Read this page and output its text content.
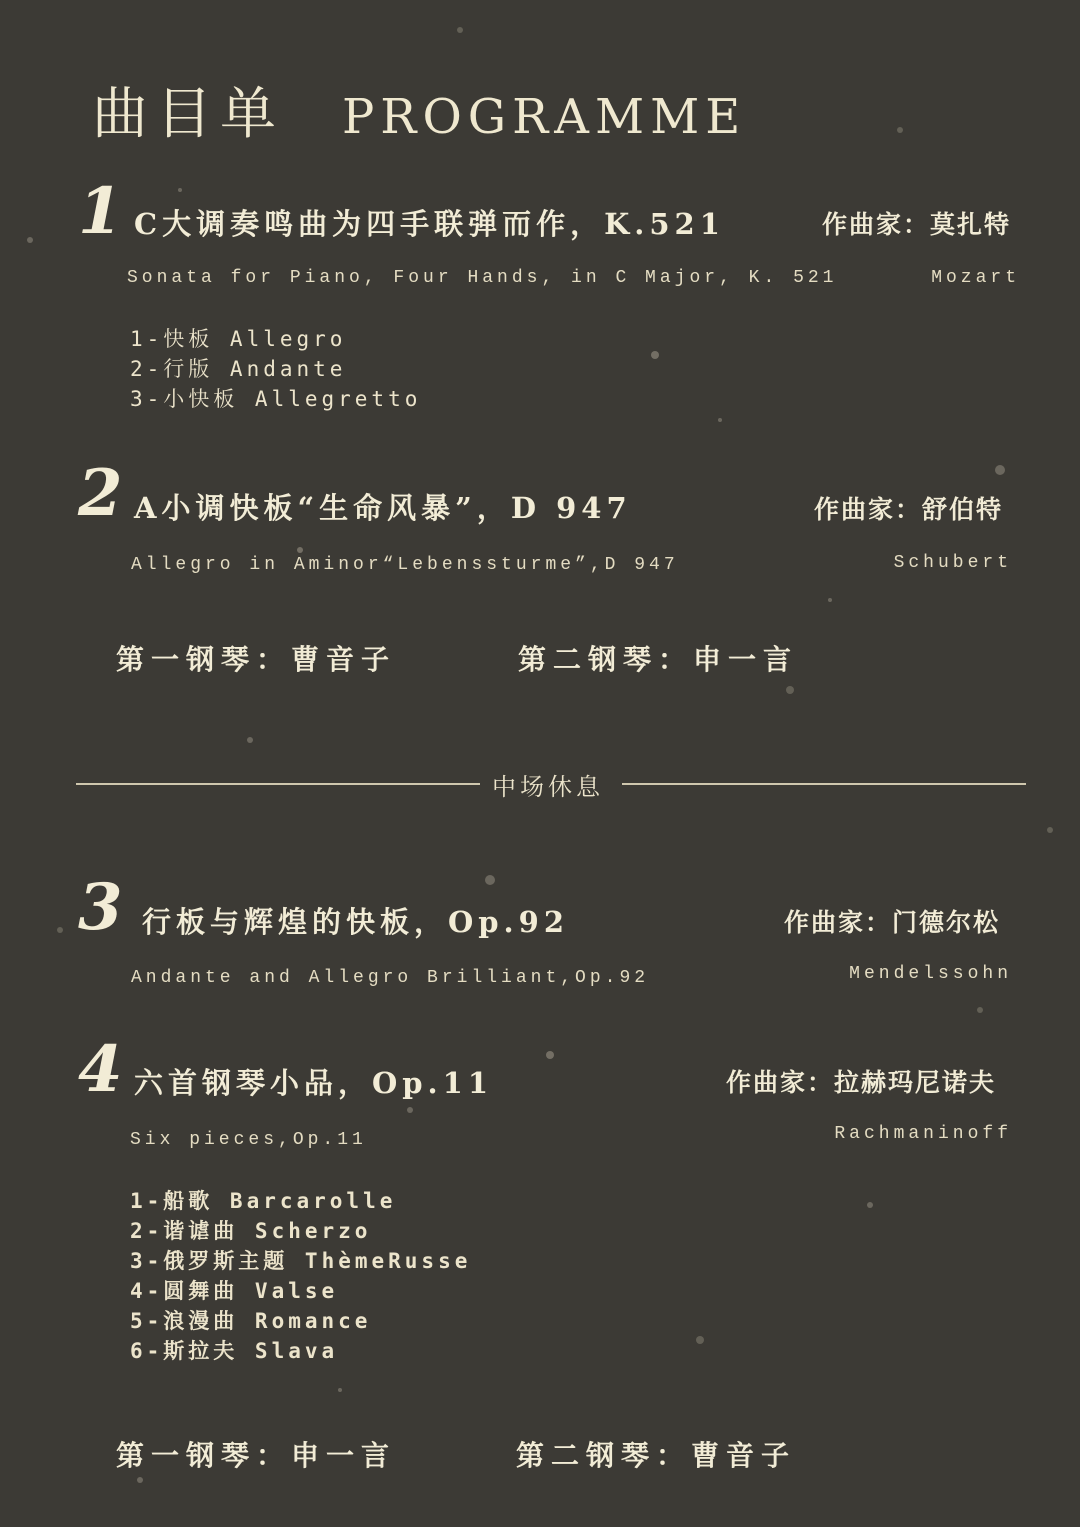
曲目单 PROGRAMME
1 C大调奏鸣曲为四手联弹而作，K.521	作曲家：莫扎特
Sonata for Piano, Four Hands, in C Major, K. 521	Mozart
1-快板 Allegro
2-行版 Andante
3-小快板 Allegretto
2 A小调快板“生命风暴”，D 947	作曲家：舒伯特
Allegro in Aminor“Lebenssturme”,D 947	Schubert
第一钢琴：曹音子	第二钢琴：申一言
中场休息
3 行板与辉煌的快板，Op.92	作曲家：门德尔松
Andante and Allegro Brilliant,Op.92	Mendelssohn
4 六首钢琴小品，Op.11	作曲家：拉赫玛尼诺夫
Six pieces,Op.11	Rachmaninoff
1-船歌 Barcarolle
2-谐谑曲 Scherzo
3-俄罗斯主题 ThèmeRusse
4-圆舞曲 Valse
5-浪漫曲 Romance
6-斯拉夫 Slava
第一钢琴：申一言	第二钢琴：曹音子
